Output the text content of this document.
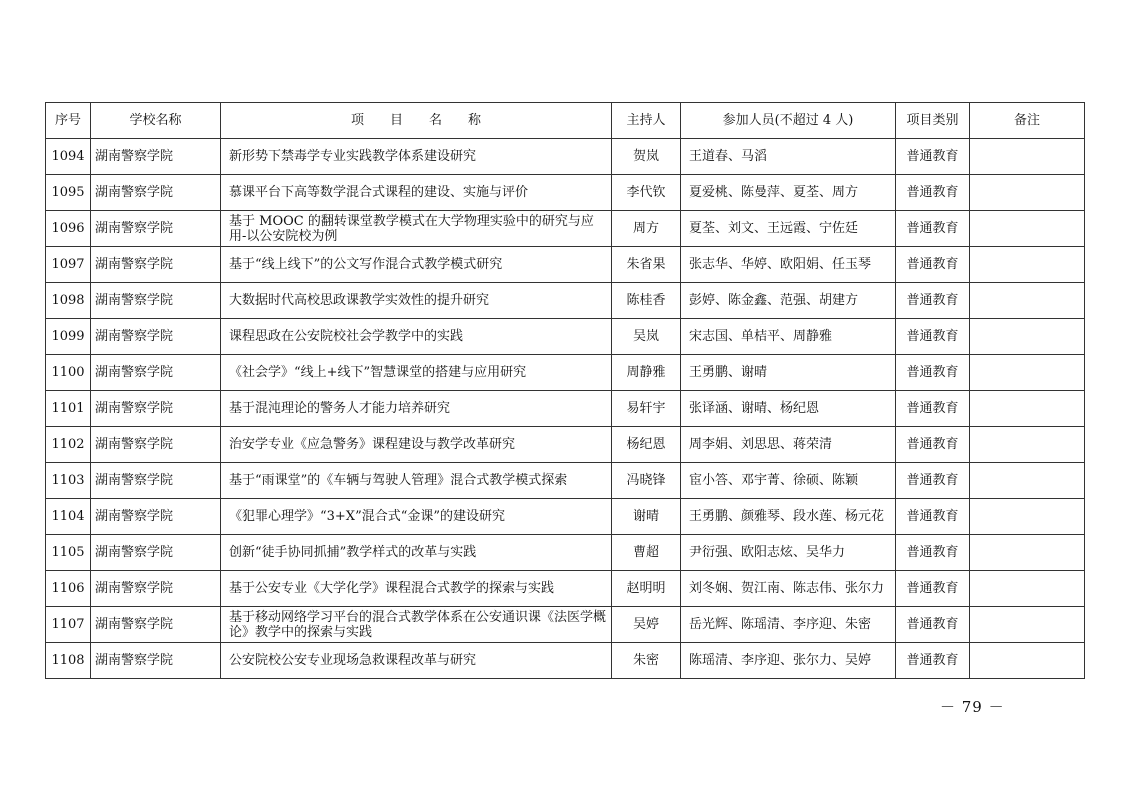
序号	学校名称	项　　目　　名　　称	主持人	参加人员(不超过 4 人)	项目类别	备注
1094	湖南警察学院	新形势下禁毒学专业实践教学体系建设研究	贺岚	王道春、马滔	普通教育	
1095	湖南警察学院	慕课平台下高等数学混合式课程的建设、实施与评价	李代钦	夏爱桃、陈曼萍、夏荃、周方	普通教育	
1096	湖南警察学院	基于 MOOC 的翻转课堂教学模式在大学物理实验中的研究与应用-以公安院校为例	周方	夏荃、刘文、王远霞、宁佐廷	普通教育	
1097	湖南警察学院	基于“线上线下”的公文写作混合式教学模式研究	朱省果	张志华、华婷、欧阳娟、任玉琴	普通教育	
1098	湖南警察学院	大数据时代高校思政课教学实效性的提升研究	陈桂香	彭婷、陈金鑫、范强、胡建方	普通教育	
1099	湖南警察学院	课程思政在公安院校社会学教学中的实践	吴岚	宋志国、单桔平、周静雅	普通教育	
1100	湖南警察学院	《社会学》“线上+线下”智慧课堂的搭建与应用研究	周静雅	王勇鹏、谢晴	普通教育	
1101	湖南警察学院	基于混沌理论的警务人才能力培养研究	易轩宇	张译涵、谢晴、杨纪恩	普通教育	
1102	湖南警察学院	治安学专业《应急警务》课程建设与教学改革研究	杨纪恩	周李娟、刘思思、蒋荣清	普通教育	
1103	湖南警察学院	基于“雨课堂”的《车辆与驾驶人管理》混合式教学模式探索	冯晓锋	宦小答、邓宇菁、徐硕、陈颖	普通教育	
1104	湖南警察学院	《犯罪心理学》“3+X”混合式“金课”的建设研究	谢晴	王勇鹏、颜雅琴、段水莲、杨元花	普通教育	
1105	湖南警察学院	创新“徒手协同抓捕”教学样式的改革与实践	曹超	尹衍强、欧阳志炫、吴华力	普通教育	
1106	湖南警察学院	基于公安专业《大学化学》课程混合式教学的探索与实践	赵明明	刘冬娴、贺江南、陈志伟、张尔力	普通教育	
1107	湖南警察学院	基于移动网络学习平台的混合式教学体系在公安通识课《法医学概论》教学中的探索与实践	吴婷	岳光辉、陈瑶清、李序迎、朱密	普通教育	
1108	湖南警察学院	公安院校公安专业现场急救课程改革与研究	朱密	陈瑶清、李序迎、张尔力、吴婷	普通教育	
－ 79 －
